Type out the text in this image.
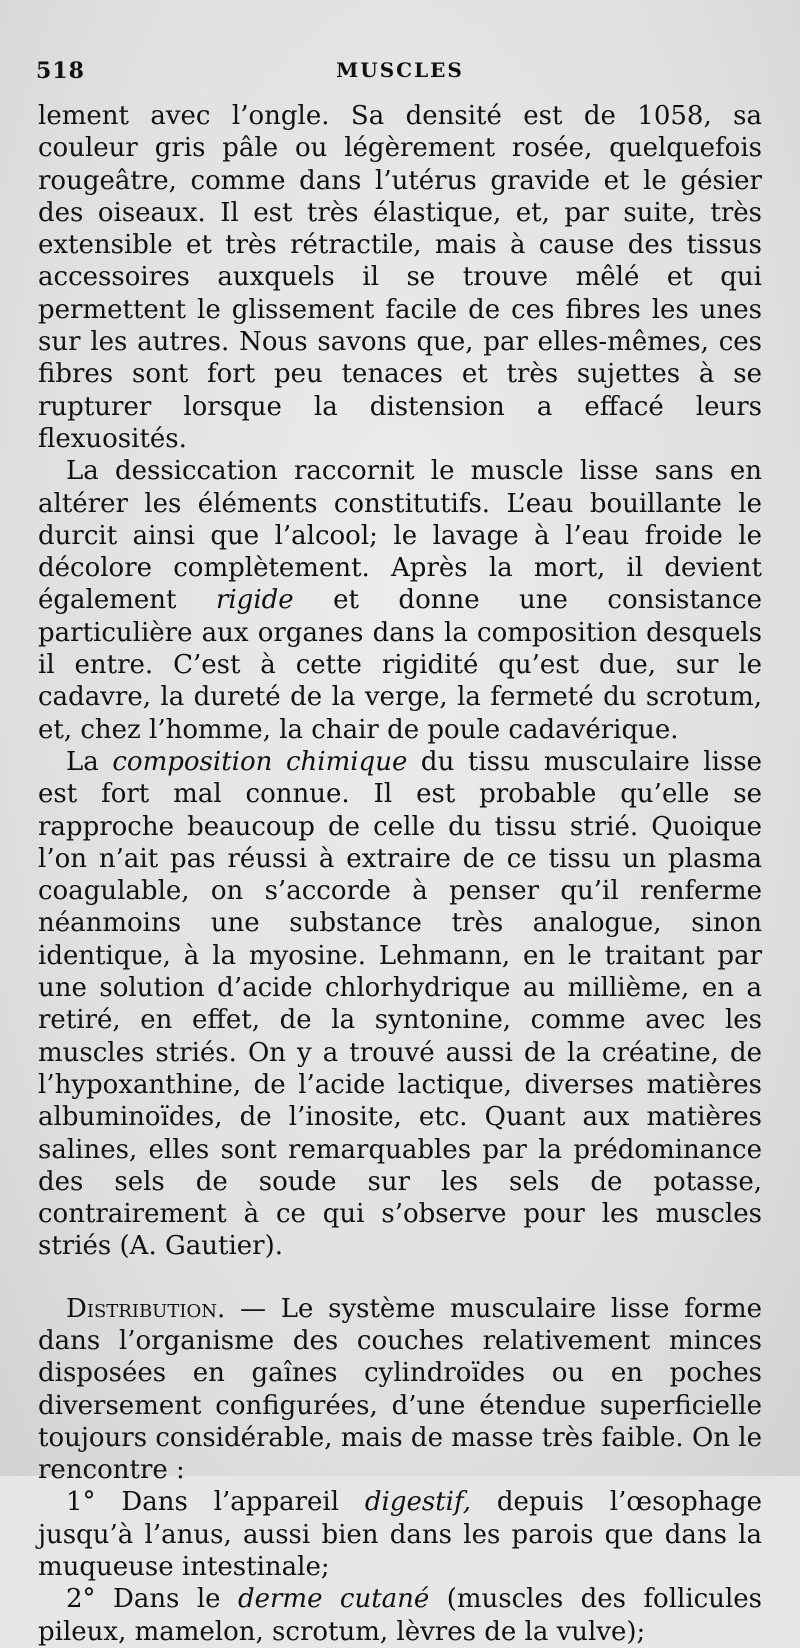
518	MUSCLES

lement avec l’ongle. Sa densité est de 1058, sa couleur gris pâle ou légèrement rosée, quelquefois rougeâtre, comme dans l’utérus gravide et le gésier des oiseaux. Il est très élastique, et, par suite, très extensible et très rétractile, mais à cause des tissus accessoires auxquels il se trouve mêlé et qui permettent le glissement facile de ces fibres les unes sur les autres. Nous savons que, par elles-mêmes, ces fibres sont fort peu tenaces et très sujettes à se rupturer lorsque la distension a effacé leurs flexuosités.

La dessiccation raccornit le muscle lisse sans en altérer les éléments constitutifs. L’eau bouillante le durcit ainsi que l’alcool; le lavage à l’eau froide le décolore complètement. Après la mort, il devient également rigide et donne une consistance particulière aux organes dans la composition desquels il entre. C’est à cette rigidité qu’est due, sur le cadavre, la dureté de la verge, la fermeté du scrotum, et, chez l’homme, la chair de poule cadavérique.

La composition chimique du tissu musculaire lisse est fort mal connue. Il est probable qu’elle se rapproche beaucoup de celle du tissu strié. Quoique l’on n’ait pas réussi à extraire de ce tissu un plasma coagulable, on s’accorde à penser qu’il renferme néanmoins une substance très analogue, sinon identique, à la myosine. Lehmann, en le traitant par une solution d’acide chlorhydrique au millième, en a retiré, en effet, de la syntonine, comme avec les muscles striés. On y a trouvé aussi de la créatine, de l’hypoxanthine, de l’acide lactique, diverses matières albuminoïdes, de l’inosite, etc. Quant aux matières salines, elles sont remarquables par la prédominance des sels de soude sur les sels de potasse, contrairement à ce qui s’observe pour les muscles striés (A. Gautier).

Distribution. — Le système musculaire lisse forme dans l’organisme des couches relativement minces disposées en gaînes cylindroïdes ou en poches diversement configurées, d’une étendue superficielle toujours considérable, mais de masse très faible. On le rencontre :

1° Dans l’appareil digestif, depuis l’œsophage jusqu’à l’anus, aussi bien dans les parois que dans la muqueuse intestinale;

2° Dans le derme cutané (muscles des follicules pileux, mamelon, scrotum, lèvres de la vulve);
